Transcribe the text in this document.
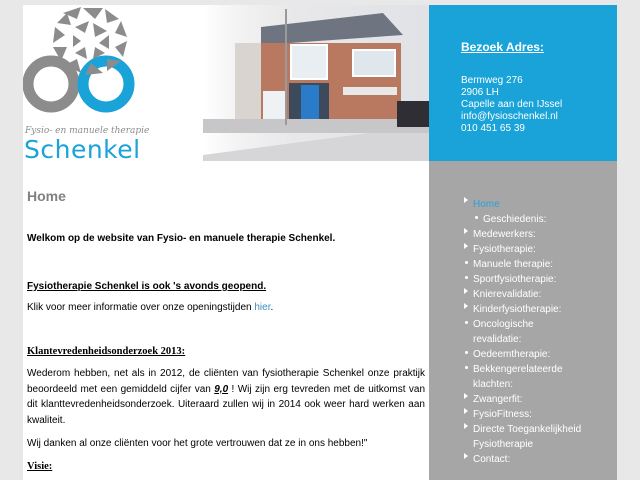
Fysio- en manuele therapie
Schenkel
Bezoek Adres:
Bermweg 276
2906 LH
Capelle aan den IJssel
info@fysioschenkel.nl
010 451 65 39
Home
Welkom op de website van Fysio- en manuele therapie Schenkel.
Fysiotherapie Schenkel is ook 's avonds geopend.
Klik voor meer informatie over onze openingstijden hier.
Klantevredenheidsonderzoek 2013:
Wederom hebben, net als in 2012, de cliënten van fysiotherapie Schenkel onze praktijk beoordeeld met een gemiddeld cijfer van 9,0 ! Wij zijn erg tevreden met de uitkomst van dit klanttevredenheidsonderzoek. Uiteraard zullen wij in 2014 ook weer hard werken aan kwaliteit.
Wij danken al onze cliënten voor het grote vertrouwen dat ze in ons hebben!"
Visie:
Home
Geschiedenis:
Medewerkers:
Fysiotherapie:
Manuele therapie:
Sportfysiotherapie:
Knierevalidatie:
Kinderfysiotherapie:
Oncologische
revalidatie:
Oedeemtherapie:
Bekkengerelateerde
klachten:
Zwangerfit:
FysioFitness:
Directe Toegankelijkheid
Fysiotherapie
Contact:
